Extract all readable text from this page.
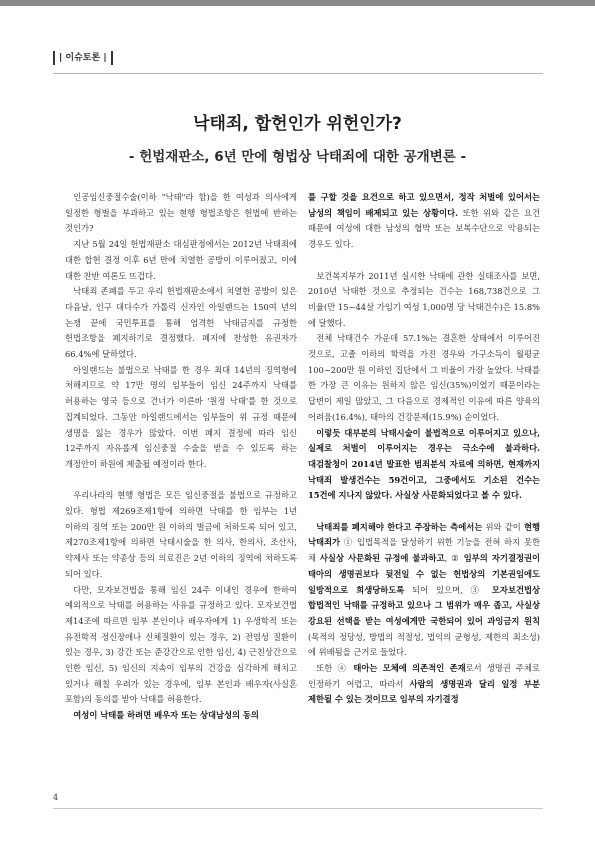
| 이슈토론 |
낙태죄, 합헌인가 위헌인가?
- 헌법재판소, 6년 만에 형법상 낙태죄에 대한 공개변론 -

인공임신중절수술(이하 "낙태"라 함)을 한 여성과 의사에게 일정한 형벌을 부과하고 있는 현행 형법조항은 헌법에 반하는 것인가?

지난 5월 24일 헌법재판소 대심판정에서는 2012년 낙태죄에 대한 합헌 결정 이후 6년 만에 치열한 공방이 이루어졌고, 이에 대한 찬반 여론도 뜨겁다.

낙태죄 존폐를 두고 우리 헌법재판소에서 치열한 공방이 있은 다음날, 인구 대다수가 가톨릭 신자인 아일랜드는 150여 년의 논쟁 끝에 국민투표를 통해 엄격한 낙태금지를 규정한 헌법조항을 폐지하기로 결정했다. 폐지에 찬성한 유권자가 66.4%에 달하였다.

아일랜드는 불법으로 낙태를 한 경우 최대 14년의 징역형에 처해지므로 약 17만 명의 임부들이 임신 24주까지 낙태를 허용하는 영국 등으로 건너가 이른바 '원정 낙태'를 한 것으로 집계되었다. 그동안 아일랜드에서는 임부들이 위 규정 때문에 생명을 잃는 경우가 많았다. 이번 폐지 결정에 따라 임신 12주까지 자유롭게 임신중절 수술을 받을 수 있도록 하는 개정안이 하원에 제출될 예정이라 한다.

우리나라의 현행 형법은 모든 임신중절을 불법으로 규정하고 있다. 형법 제269조제1항에 의하면 낙태를 한 임부는 1년 이하의 징역 또는 200만 원 이하의 벌금에 처하도록 되어 있고, 제270조제1항에 의하면 낙태시술을 한 의사, 한의사, 조산사, 약제사 또는 약종상 등의 의료진은 2년 이하의 징역에 처하도록 되어 있다.

다만, 모자보건법을 통해 임신 24주 이내인 경우에 한하여 예외적으로 낙태를 허용하는 사유를 규정하고 있다. 모자보건법 제14조에 따르면 임부 본인이나 배우자에게 1) 우생학적 또는 유전학적 정신장애나 신체질환이 있는 경우, 2) 전염성 질환이 있는 경우, 3) 강간 또는 준강간으로 인한 임신, 4) 근친상간으로 인한 임신, 5) 임신의 지속이 임부의 건강을 심각하게 해치고 있거나 해칠 우려가 있는 경우에, 임부 본인과 배우자(사실혼 포함)의 동의를 받아 낙태를 허용한다.

여성이 낙태를 하려면 배우자 또는 상대남성의 동의

를 구할 것을 요건으로 하고 있으면서, 정작 처벌에 있어서는 남성의 책임이 배제되고 있는 상황이다. 또한 위와 같은 요건 때문에 여성에 대한 남성의 협박 또는 보복수단으로 악용되는 경우도 있다.

보건복지부가 2011년 실시한 낙태에 관한 실태조사를 보면, 2010년 낙태한 것으로 추정되는 건수는 168,738건으로 그 비율(만 15~44살 가임기 여성 1,000명 당 낙태건수)은 15.8%에 달했다.

전체 낙태건수 가운데 57.1%는 결혼한 상태에서 이루어진 것으로, 고졸 이하의 학력을 가진 경우와 가구소득이 월평균 100~200만 원 이하인 집단에서 그 비율이 가장 높았다. 낙태를 한 가장 큰 이유는 원하지 않은 임신(35%)이었기 때문이라는 답변이 제일 많았고, 그 다음으로 경제적인 이유에 따른 양육의 어려움(16.4%), 태아의 건강문제(15.9%) 순이었다.

이렇듯 대부분의 낙태시술이 불법적으로 이루어지고 있으나, 실제로 처벌이 이루어지는 경우는 극소수에 불과하다. 대검찰청이 2014년 발표한 범죄분석 자료에 의하면, 현재까지 낙태죄 발생건수는 59건이고, 그중에서도 기소된 건수는 15건에 지나지 않았다. 사실상 사문화되었다고 볼 수 있다.

낙태죄를 폐지해야 한다고 주장하는 측에서는 위와 같이 현행 낙태죄가 ① 입법목적을 달성하기 위한 기능을 전혀 하지 못한 채 사실상 사문화된 규정에 불과하고, ② 임부의 자기결정권이 태아의 생명권보다 뒷전일 수 없는 헌법상의 기본권임에도 일방적으로 희생당하도록 되어 있으며, ③ 모자보건법상 합법적인 낙태를 규정하고 있으나 그 범위가 매우 좁고, 사실상 강요된 선택을 받는 여성에게만 국한되어 있어 과잉금지 원칙(목적의 정당성, 방법의 적절성, 법익의 균형성, 제한의 최소성)에 위배됨을 근거로 들었다.

또한 ④ 태아는 모체에 의존적인 존재로서 생명권 주체로 인정하기 어렵고, 따라서 사람의 생명권과 달리 일정 부분 제한될 수 있는 것이므로 임부의 자기결정

4
